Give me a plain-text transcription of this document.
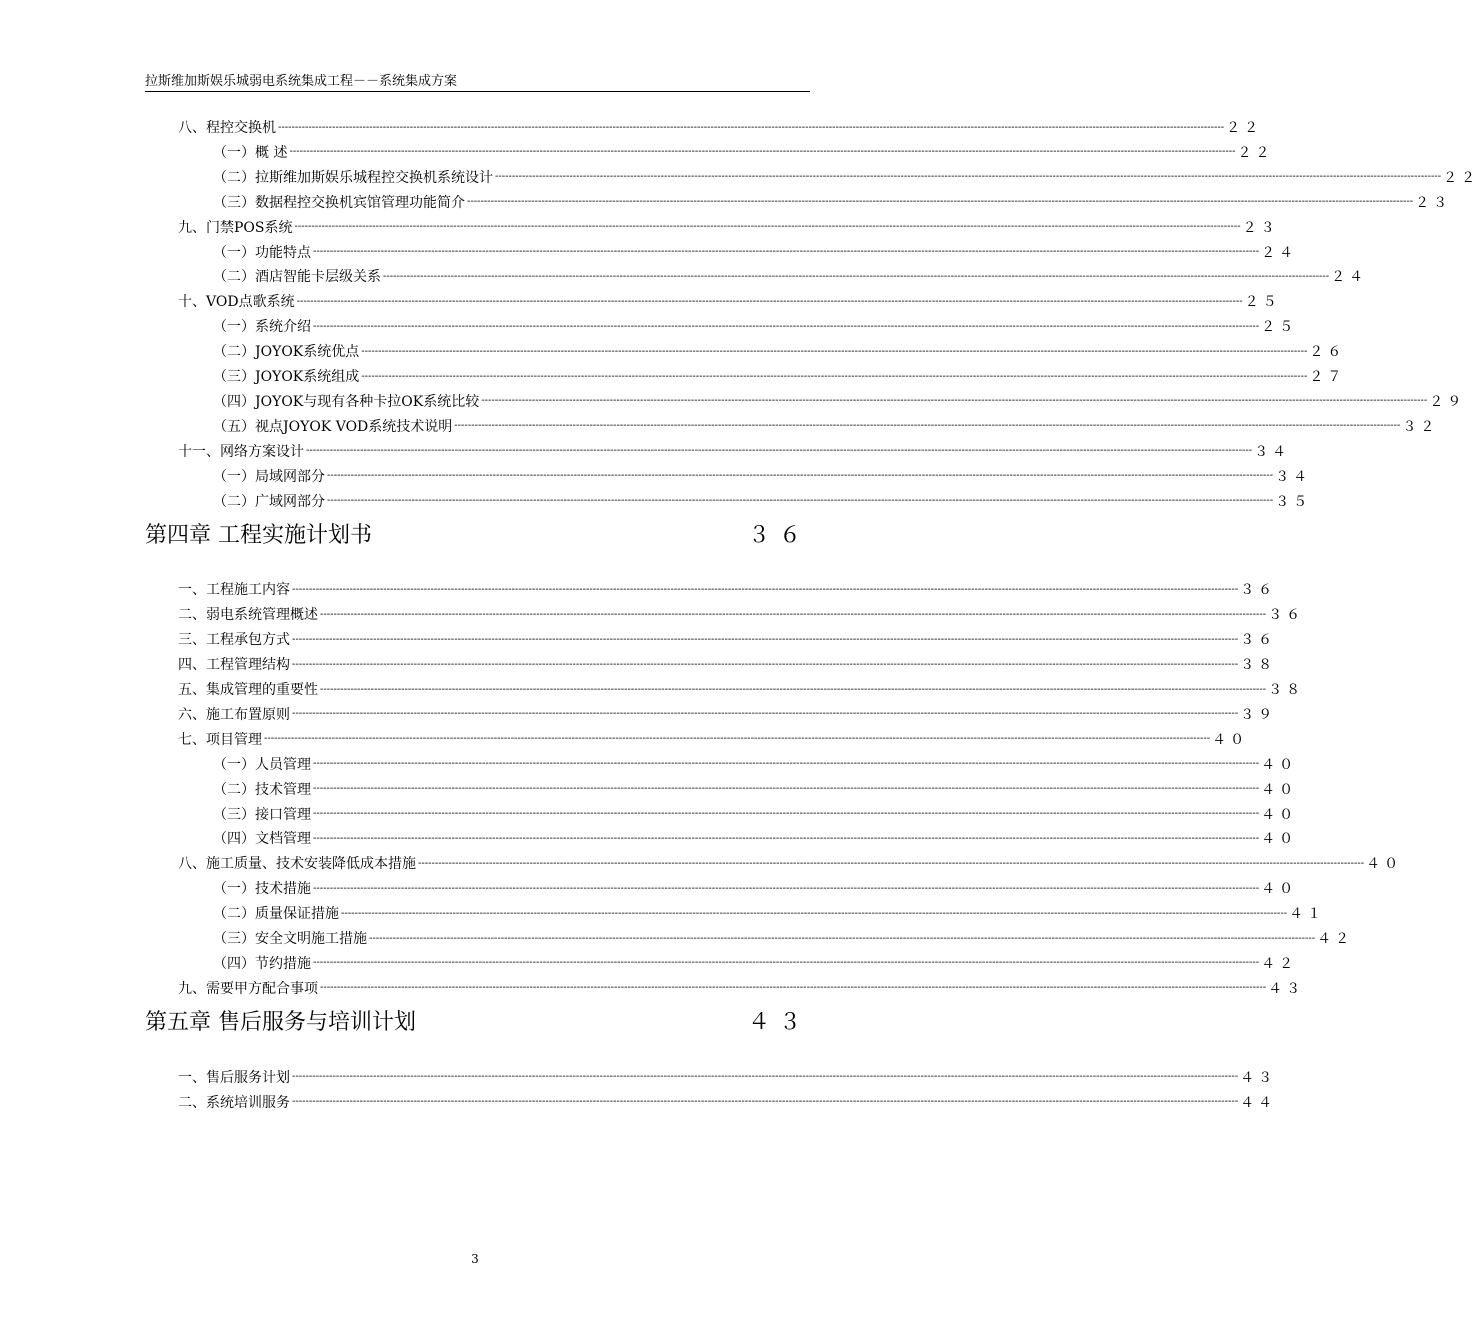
拉斯维加斯娱乐城弱电系统集成工程－－系统集成方案
八、程控交换机 -----	２２
（一）概 述 -----	２２
（二）拉斯维加斯娱乐城程控交换机系统设计 -----	２２
（三）数据程控交换机宾馆管理功能简介 -----	２３
九、门禁POS系统 -----	２３
（一）功能特点 -----	２４
（二）酒店智能卡层级关系 -----	２４
十、VOD点歌系统 -----	２５
（一）系统介绍 -----	２５
（二）JOYOK系统优点 -----	２６
（三）JOYOK系统组成 -----	２７
（四）JOYOK与现有各种卡拉OK系统比较 -----	２９
（五）视点JOYOK VOD系统技术说明 -----	３２
十一、网络方案设计 -----	３４
（一）局域网部分 -----	３４
（二）广域网部分 -----	３５
第四章 工程实施计划书	３６
一、工程施工内容 -----	３６
二、弱电系统管理概述 -----	３６
三、工程承包方式 -----	３６
四、工程管理结构 -----	３８
五、集成管理的重要性 -----	３８
六、施工布置原则 -----	３９
七、项目管理 -----	４０
（一）人员管理 -----	４０
（二）技术管理 -----	４０
（三）接口管理 -----	４０
（四）文档管理 -----	４０
八、施工质量、技术安装降低成本措施 -----	４０
（一）技术措施 -----	４０
（二）质量保证措施 -----	４１
（三）安全文明施工措施 -----	４２
（四）节约措施 -----	４２
九、需要甲方配合事项 -----	４３
第五章 售后服务与培训计划	４３
一、售后服务计划 -----	４３
二、系统培训服务 -----	４４
3
